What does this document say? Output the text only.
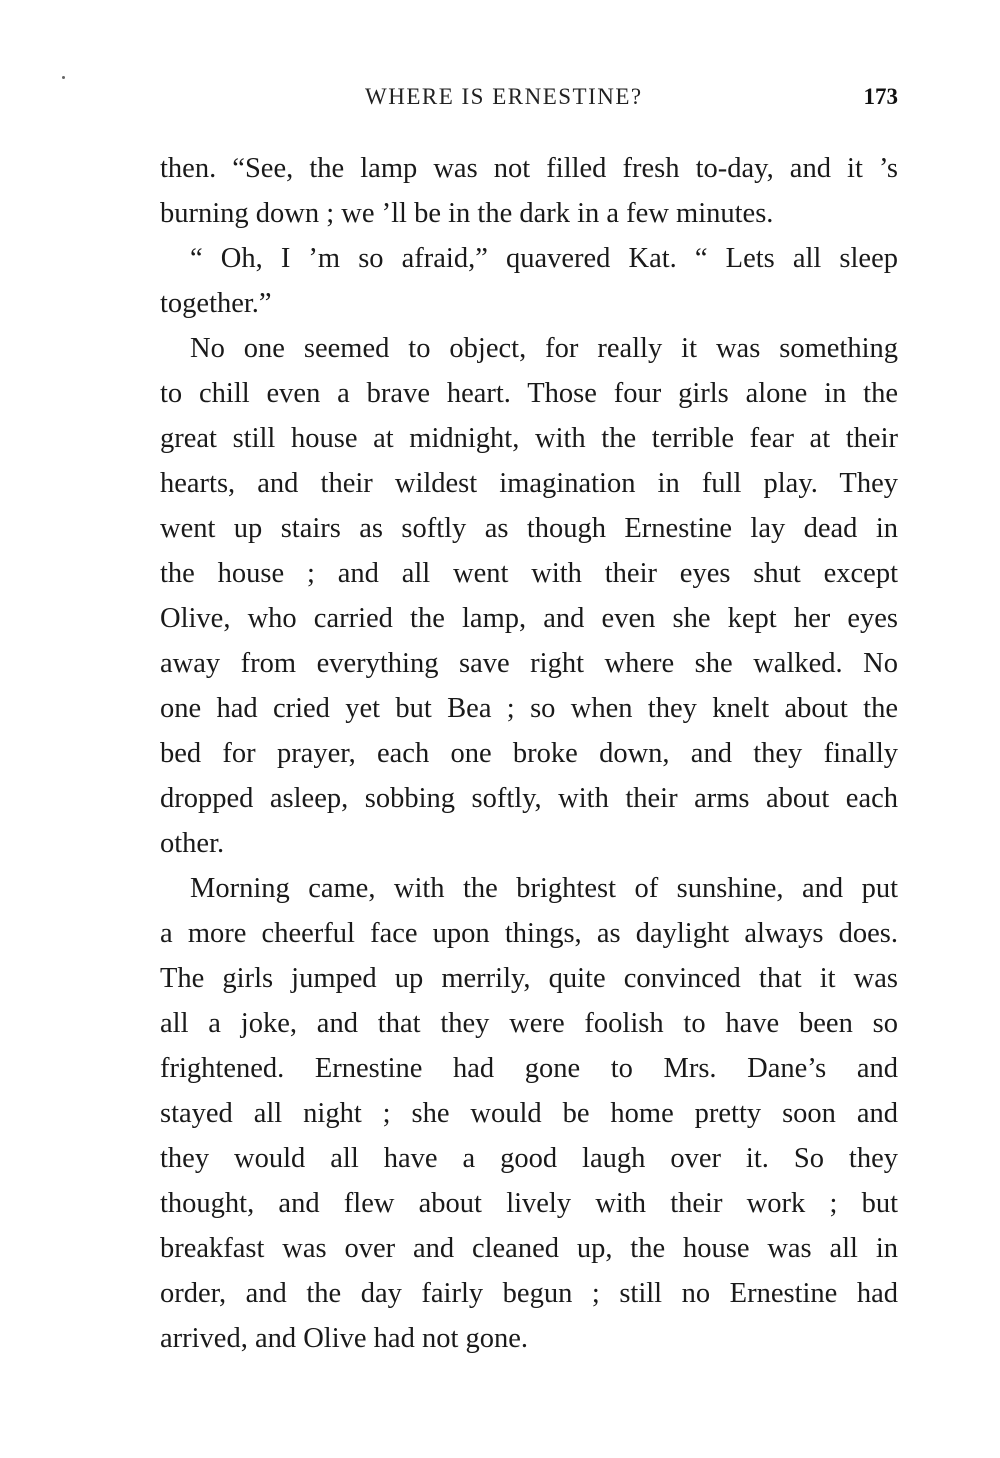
WHERE IS ERNESTINE?	173
then. “See, the lamp was not filled fresh to-day, and it ’s
burning down ; we ’ll be in the dark in a few minutes.
“ Oh, I ’m so afraid,” quavered Kat. “ Lets all sleep
together.”
No one seemed to object, for really it was something
to chill even a brave heart. Those four girls alone in the
great still house at midnight, with the terrible fear at their
hearts, and their wildest imagination in full play. They
went up stairs as softly as though Ernestine lay dead in
the house ; and all went with their eyes shut except
Olive, who carried the lamp, and even she kept her eyes
away from everything save right where she walked. No
one had cried yet but Bea ; so when they knelt about the
bed for prayer, each one broke down, and they finally
dropped asleep, sobbing softly, with their arms about each
other.
Morning came, with the brightest of sunshine, and put
a more cheerful face upon things, as daylight always does.
The girls jumped up merrily, quite convinced that it was
all a joke, and that they were foolish to have been so
frightened. Ernestine had gone to Mrs. Dane’s and
stayed all night ; she would be home pretty soon and
they would all have a good laugh over it. So they
thought, and flew about lively with their work ; but
breakfast was over and cleaned up, the house was all in
order, and the day fairly begun ; still no Ernestine had
arrived, and Olive had not gone.
